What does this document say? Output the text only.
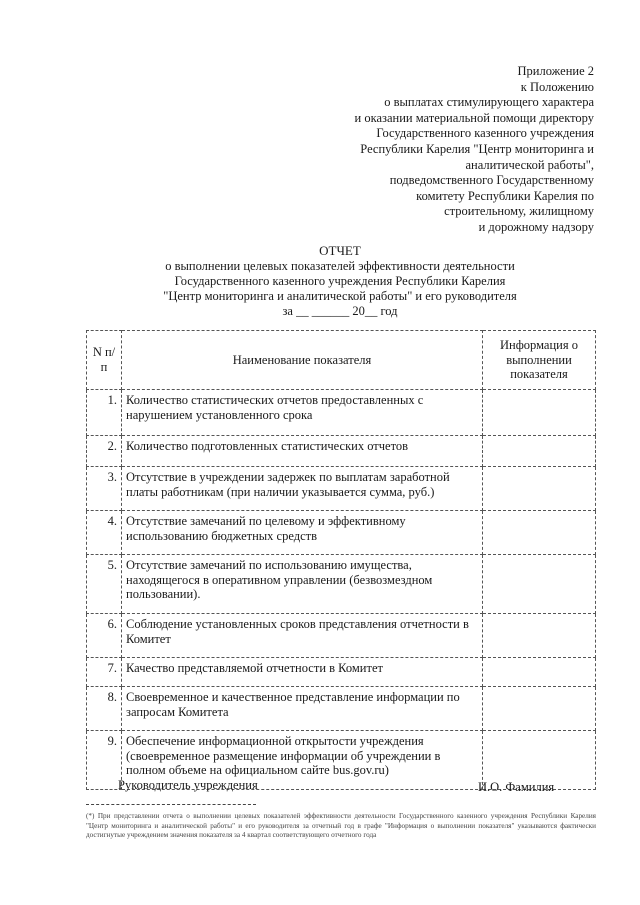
Приложение 2
к Положению
о выплатах стимулирующего характера
и оказании материальной помощи директору
Государственного казенного учреждения
Республики Карелия "Центр мониторинга и
аналитической работы",
подведомственного Государственному
комитету Республики Карелия по
строительному, жилищному
и дорожному надзору
ОТЧЕТ
о выполнении целевых показателей эффективности деятельности
Государственного казенного учреждения Республики Карелия
"Центр мониторинга и аналитической работы" и его руководителя
за __ ______ 20__ год
N п/п	Наименование показателя	Информация о выполнении показателя
1.	Количество статистических отчетов предоставленных с нарушением установленного срока	
2.	Количество подготовленных статистических отчетов	
3.	Отсутствие в учреждении задержек по выплатам заработной платы работникам (при наличии указывается сумма, руб.)	
4.	Отсутствие замечаний по целевому и эффективному использованию бюджетных средств	
5.	Отсутствие замечаний по использованию имущества, находящегося в оперативном управлении (безвозмездном пользовании).	
6.	Соблюдение установленных сроков представления отчетности в Комитет	
7.	Качество представляемой отчетности в Комитет	
8.	Своевременное и качественное представление информации по запросам Комитета	
9.	Обеспечение информационной открытости учреждения (своевременное размещение информации об учреждении в полном объеме на официальном сайте bus.gov.ru)	
Руководитель учреждения	И.О. Фамилия
(*) При представлении отчета о выполнении целевых показателей эффективности деятельности Государственного казенного учреждения Республики Карелия "Центр мониторинга и аналитической работы" и его руководителя за отчетный год в графе "Информация о выполнении показателя" указываются фактически достигнутые учреждением значения показателя за 4 квартал соответствующего отчетного года
